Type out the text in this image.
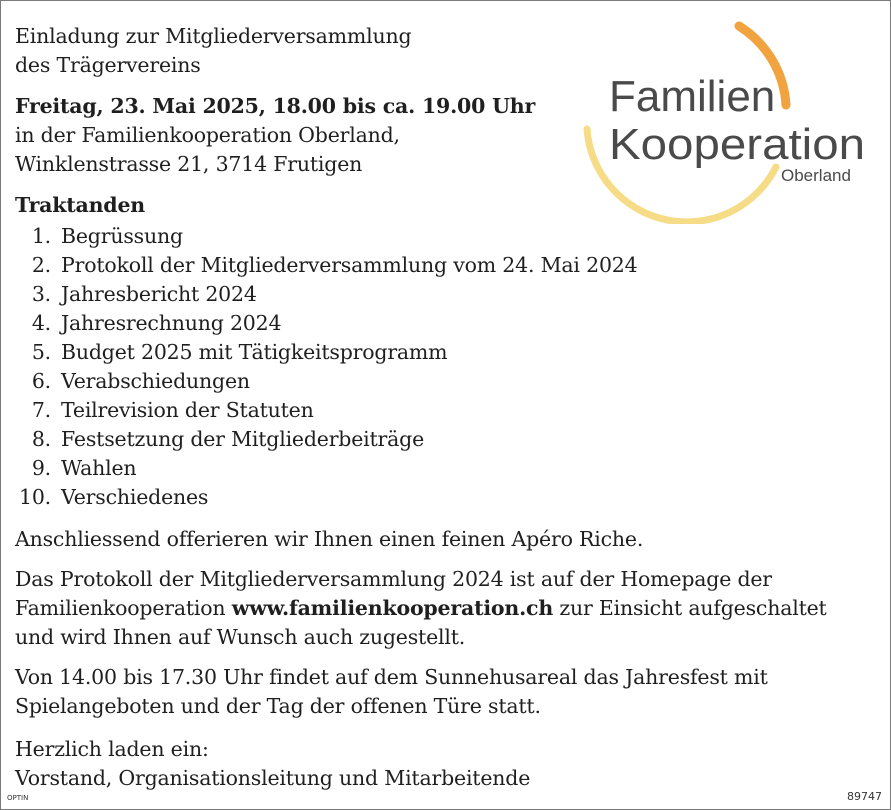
Einladung zur Mitgliederversammlung
des Trägervereins
Freitag, 23. Mai 2025, 18.00 bis ca. 19.00 Uhr
in der Familienkooperation Oberland,
Winklenstrasse 21, 3714 Frutigen
Familien
Kooperation
Oberland
Traktanden
1. Begrüssung
2. Protokoll der Mitgliederversammlung vom 24. Mai 2024
3. Jahresbericht 2024
4. Jahresrechnung 2024
5. Budget 2025 mit Tätigkeitsprogramm
6. Verabschiedungen
7. Teilrevision der Statuten
8. Festsetzung der Mitgliederbeiträge
9. Wahlen
10. Verschiedenes
Anschliessend offerieren wir Ihnen einen feinen Apéro Riche.
Das Protokoll der Mitgliederversammlung 2024 ist auf der Homepage der
Familienkooperation www.familienkooperation.ch zur Einsicht aufgeschaltet
und wird Ihnen auf Wunsch auch zugestellt.
Von 14.00 bis 17.30 Uhr findet auf dem Sunnehusareal das Jahresfest mit
Spielangeboten und der Tag der offenen Türe statt.
Herzlich laden ein:
Vorstand, Organisationsleitung und Mitarbeitende
OPTIN	89747
